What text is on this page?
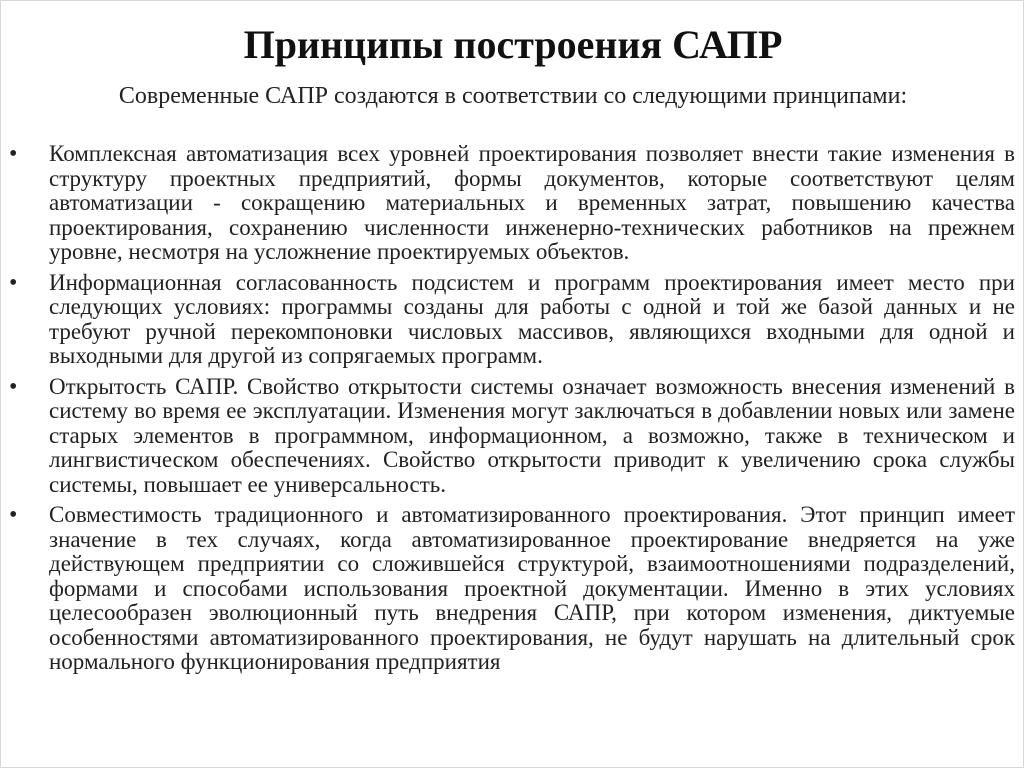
Принципы построения САПР
Современные САПР создаются в соответствии со следующими принципами:
•	Комплексная автоматизация всех уровней проектирования позволяет внести такие изменения в структуру проектных предприятий, формы документов, которые соответствуют целям автоматизации - сокращению материальных и временных затрат, повышению качества проектирования, сохранению численности инженерно-технических работников на прежнем уровне, несмотря на усложнение проектируемых объектов.
•	Информационная согласованность подсистем и программ проектирования имеет место при следующих условиях: программы созданы для работы с одной и той же базой данных и не требуют ручной перекомпоновки числовых массивов, являющихся входными для одной и выходными для другой из сопрягаемых программ.
•	Открытость САПР. Свойство открытости системы означает возможность внесения изменений в систему во время ее эксплуатации. Изменения могут заключаться в добавлении новых или замене старых элементов в программном, информационном, а возможно, также в техническом и лингвистическом обеспечениях. Свойство открытости приводит к увеличению срока службы системы, повышает ее универсальность.
•	Совместимость традиционного и автоматизированного проектирования. Этот принцип имеет значение в тех случаях, когда автоматизированное проектирование внедряется на уже действующем предприятии со сложившейся структурой, взаимоотношениями подразделений, формами и способами использования проектной документации. Именно в этих условиях целесообразен эволюционный путь внедрения САПР, при котором изменения, диктуемые особенностями автоматизированного проектирования, не будут нарушать на длительный срок нормального функционирования предприятия
